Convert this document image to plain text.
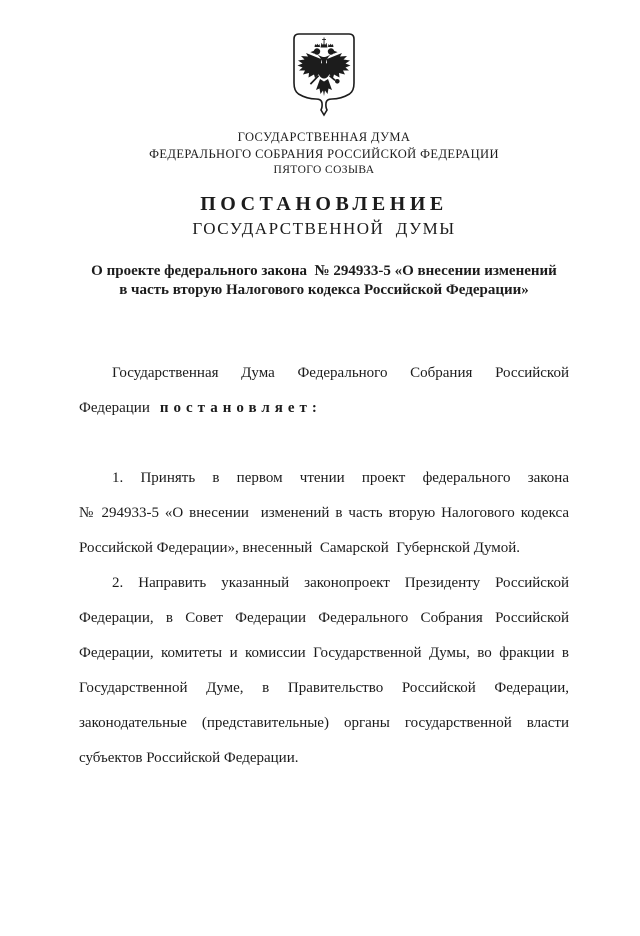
ГОСУДАРСТВЕННАЯ ДУМА
ФЕДЕРАЛЬНОГО СОБРАНИЯ РОССИЙСКОЙ ФЕДЕРАЦИИ
ПЯТОГО СОЗЫВА
ПОСТАНОВЛЕНИЕ
ГОСУДАРСТВЕННОЙ  ДУМЫ
О проекте федерального закона  № 294933-5 «О внесении изменений
в часть вторую Налогового кодекса Российской Федерации»

Государственная Дума Федерального Собрания Российской
Федерации постановляет:

1. Принять в первом чтении проект федерального закона
№ 294933-5 «О внесении  изменений в часть вторую Налогового кодекса
Российской Федерации», внесенный  Самарской  Губернской Думой.

2. Направить указанный законопроект Президенту Российской
Федерации, в Совет Федерации Федерального Собрания Российской
Федерации, комитеты и комиссии Государственной Думы, во фракции в
Государственной Думе, в Правительство Российской Федерации,
законодательные (представительные) органы государственной власти
субъектов Российской Федерации.
